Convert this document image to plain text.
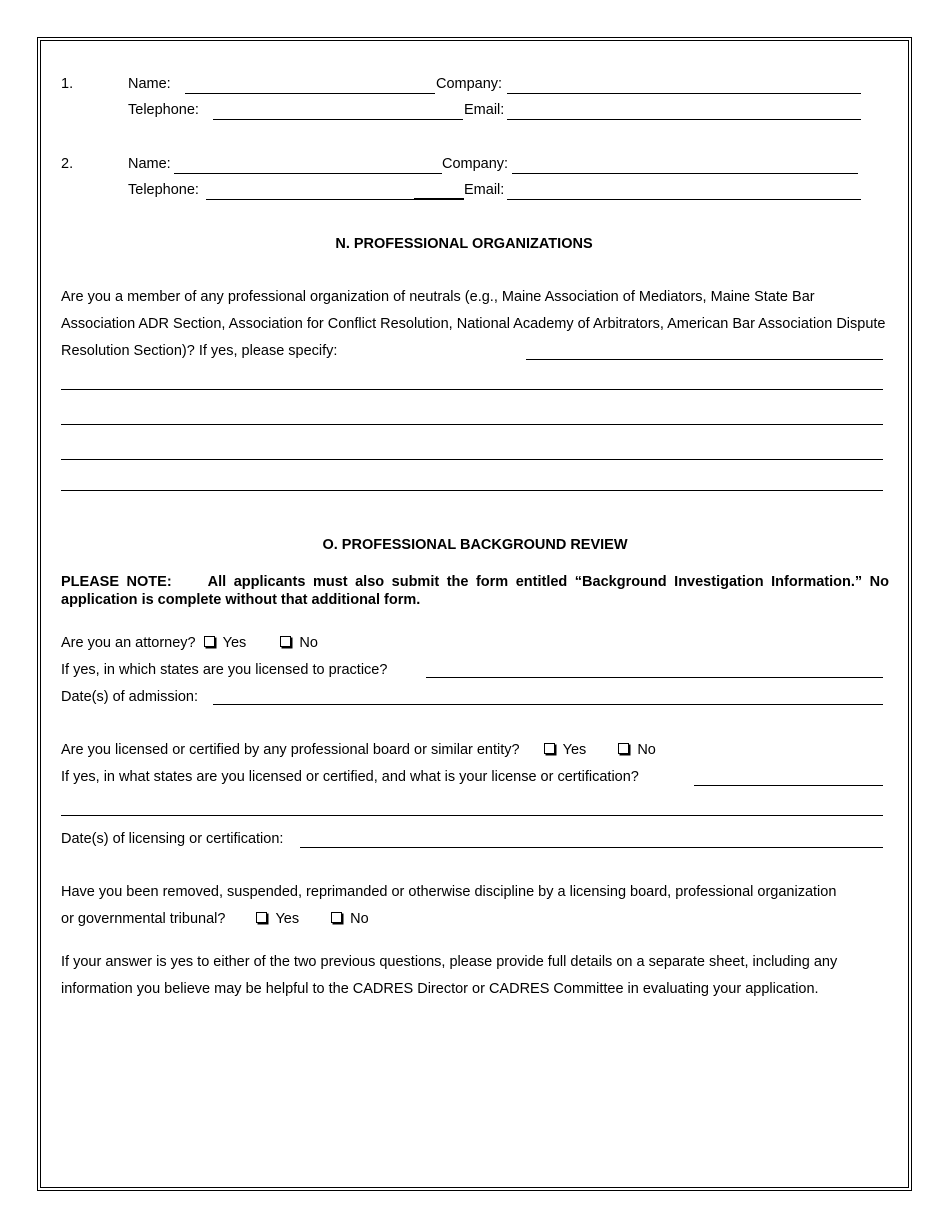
1.	Name:	Company:
Telephone:	Email:
2.	Name:	Company:
Telephone:	Email:
N. PROFESSIONAL ORGANIZATIONS
Are you a member of any professional organization of neutrals (e.g., Maine Association of Mediators, Maine State Bar Association ADR Section, Association for Conflict Resolution, National Academy of Arbitrators, American Bar Association Dispute Resolution Section)? If yes, please specify:
O. PROFESSIONAL BACKGROUND REVIEW
PLEASE NOTE: All applicants must also submit the form entitled “Background Investigation Information.” No application is complete without that additional form.
Are you an attorney? Yes	No
If yes, in which states are you licensed to practice?
Date(s) of admission:
Are you licensed or certified by any professional board or similar entity?	Yes	No
If yes, in what states are you licensed or certified, and what is your license or certification?
Date(s) of licensing or certification:
Have you been removed, suspended, reprimanded or otherwise discipline by a licensing board, professional organization
or governmental tribunal?	Yes	No
If your answer is yes to either of the two previous questions, please provide full details on a separate sheet, including any information you believe may be helpful to the CADRES Director or CADRES Committee in evaluating your application.
